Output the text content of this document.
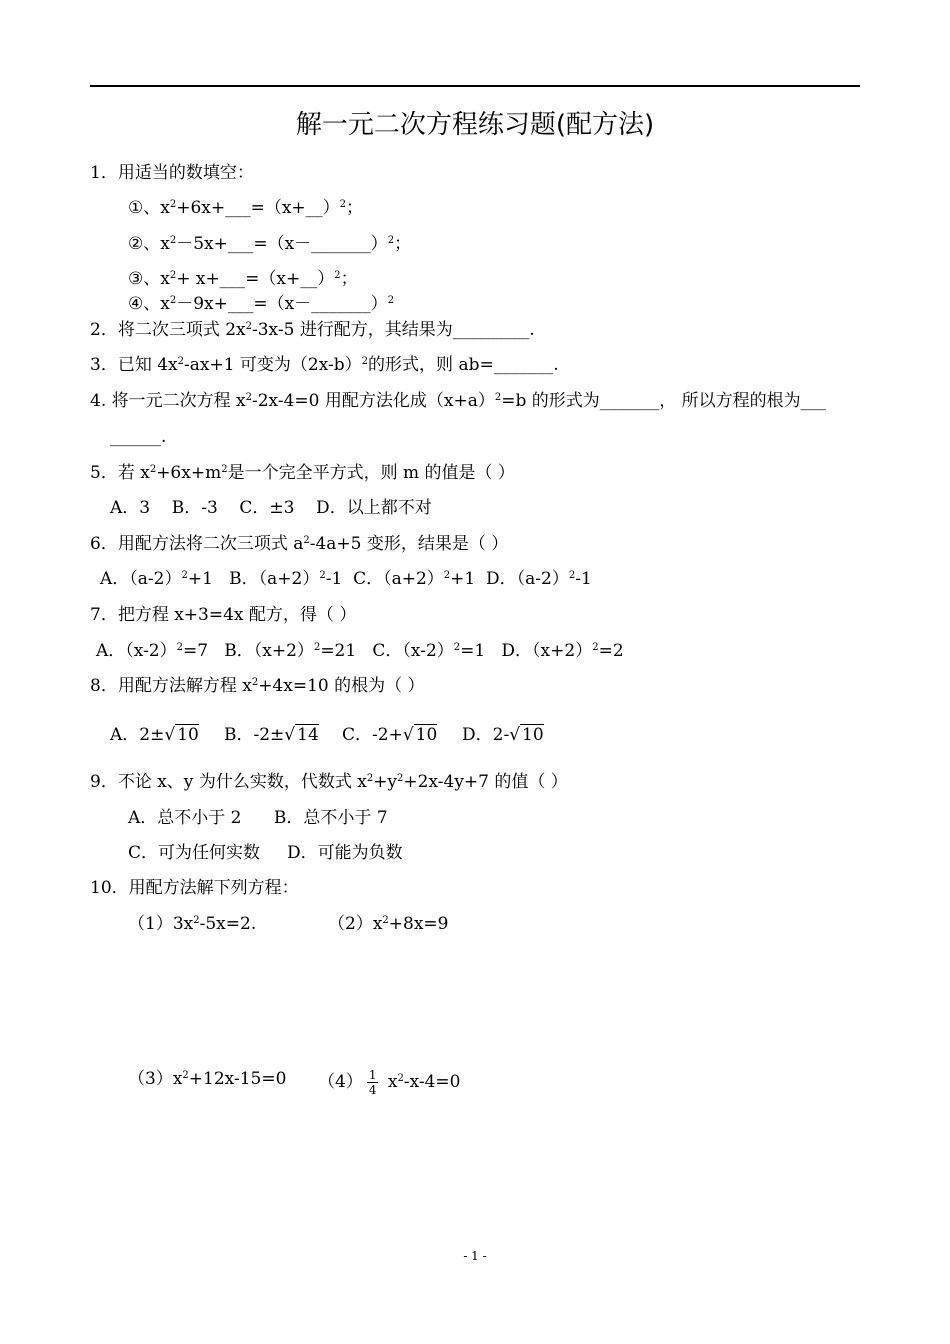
解一元二次方程练习题(配方法)
1．用适当的数填空：
①、$x^2+6x+\_\_\_=(x+\_\_)^2$；
②、$x^2-5x+\_\_\_=(x-\_\_\_\_\_\_\_)^2$；
③、$x^2+$ x+___=（x+__）$^2$；
④、$x^2-9x+\_\_\_=(x-\_\_\_\_\_\_\_)^2$
2．将二次三项式 $2x^2-3x-5$ 进行配方，其结果为_________.
3．已知 $4x^2-ax+1$ 可变为$(2x-b)^2$的形式，则 ab=_______.
4. 将一元二次方程 $x^2-2x-4=0$ 用配方法化成$(x+a)^2=b$ 的形式为_______， 所以方程的根为___
______.
5．若 $x^2+6x+m^2$是一个完全平方式，则 m 的值是（ ）
A．3    B．-3    C．±3    D．以上都不对
6．用配方法将二次三项式 $a^2-4a+5$ 变形，结果是（ ）
A．$(a-2)^2+1$   B．$(a+2)^2-1$  C．$(a+2)^2+1$  D．$(a-2)^2-1$
7．把方程 x+3=4x 配方，得（ ）
A．$(x-2)^2=7$   B．$(x+2)^2=21$   C．$(x-2)^2=1$   D．$(x+2)^2=2$
8．用配方法解方程 $x^2+4x=10$ 的根为（ ）
A．2±√ 10 B．-2±√ 14 C．-2+√ 10 D．2-√ 10
9．不论 x、y 为什么实数，代数式 $x^2+y^2+2x-4y+7$ 的值（ ）
A．总不小于 2      B．总不小于 7
C．可为任何实数     D．可能为负数
10．用配方法解下列方程：
$(1)3x^2-5x=2$.	$(2)x^2+8x=9$
$(3)x^2+12x-15=0$ $(4) \frac{1}{4} x^2-x-4=0$
- 1 -
